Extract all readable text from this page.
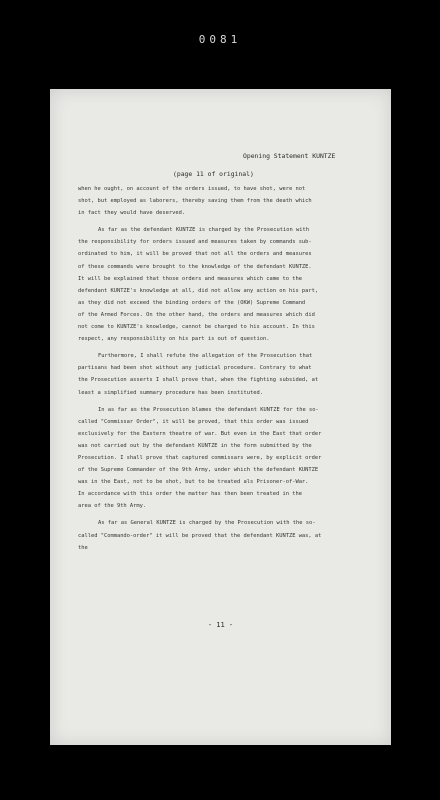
0081
Opening Statement KUNTZE
(page 11 of original)
when he ought, on account of the orders issued, to have shot, were not
shot, but employed as laborers, thereby saving them from the death which
in fact they would have deserved.
As far as the defendant KUNTZE is charged by the Prosecution with
the responsibility for orders issued and measures taken by commands sub-
ordinated to him, it will be proved that not all the orders and measures
of these commands were brought to the knowledge of the defendant KUNTZE.
It will be explained that those orders and measures which came to the
defendant KUNTZE's knowledge at all, did not allow any action on his part,
as they did not exceed the binding orders of the (OKW) Supreme Command
of the Armed Forces. On the other hand, the orders and measures which did
not come to KUNTZE's knowledge, cannot be charged to his account. In this
respect, any responsibility on his part is out of question.
Furthermore, I shall refute the allegation of the Prosecution that
partisans had been shot without any judicial procedure. Contrary to what
the Prosecution asserts I shall prove that, when the fighting subsided, at
least a simplified summary procedure has been instituted.
In as far as the Prosecution blames the defendant KUNTZE for the so-
called "Commissar Order", it will be proved, that this order was issued
exclusively for the Eastern theatre of war. But even in the East that order
was not carried out by the defendant KUNTZE in the form submitted by the
Prosecution. I shall prove that captured commissars were, by explicit order
of the Supreme Commander of the 9th Army, under which the defendant KUNTZE
was in the East, not to be shot, but to be treated als Prisoner-of-War.
In accordance with this order the matter has then been treated in the
area of the 9th Army.
As far as General KUNTZE is charged by the Prosecution with the so-
called "Commando-order" it will be proved that the defendant KUNTZE was, at
the
- 11 -
